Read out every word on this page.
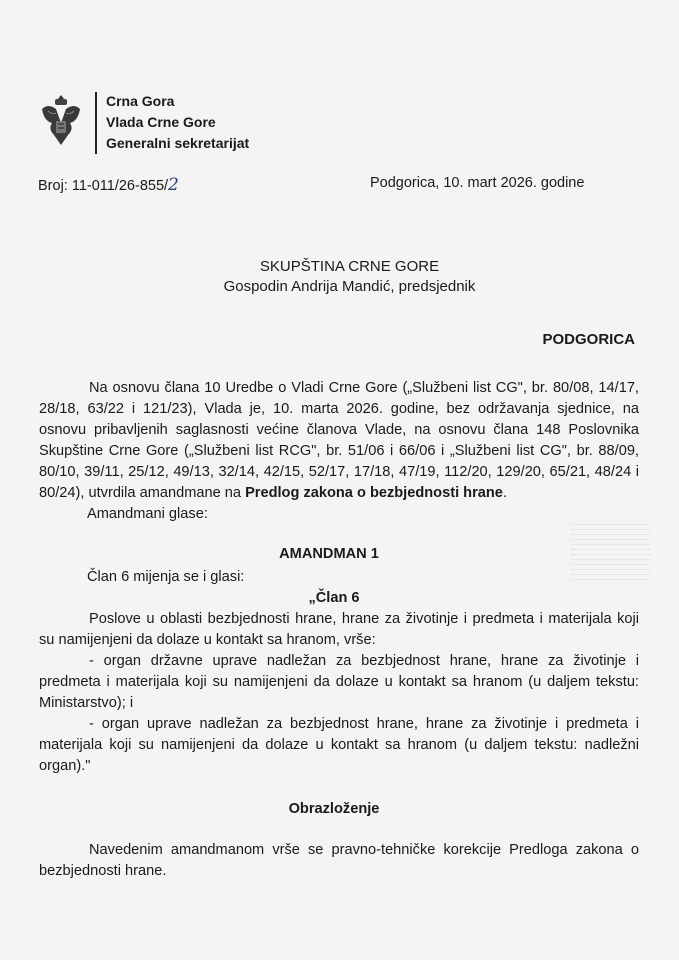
Crna Gora
Vlada Crne Gore
Generalni sekretarijat
Broj: 11-011/26-855/2	Podgorica, 10. mart 2026. godine
SKUPŠTINA CRNE GORE
Gospodin Andrija Mandić, predsjednik
PODGORICA

Na osnovu člana 10 Uredbe o Vladi Crne Gore („Službeni list CG", br. 80/08, 14/17, 28/18, 63/22 i 121/23), Vlada je, 10. marta 2026. godine, bez održavanja sjednice, na osnovu pribavljenih saglasnosti većine članova Vlade, na osnovu člana 148 Poslovnika Skupštine Crne Gore („Službeni list RCG", br. 51/06 i 66/06 i „Službeni list CG", br. 88/09, 80/10, 39/11, 25/12, 49/13, 32/14, 42/15, 52/17, 17/18, 47/19, 112/20, 129/20, 65/21, 48/24 i 80/24), utvrdila amandmane na Predlog zakona o bezbjednosti hrane.

Amandmani glase:

AMANDMAN 1

Član 6 mijenja se i glasi:

„Član 6

Poslovе u oblasti bezbjednosti hrane, hrane za životinje i predmeta i materijala koji su namijenjeni da dolaze u kontakt sa hranom, vrše:

- organ državne uprave nadležan za bezbjednost hrane, hrane za životinje i predmeta i materijala koji su namijenjeni da dolaze u kontakt sa hranom (u daljem tekstu: Ministarstvo); i

- organ uprave nadležan za bezbjednost hrane, hrane za životinje i predmeta i materijala koji su namijenjeni da dolaze u kontakt sa hranom (u daljem tekstu: nadležni organ)."

Obrazloženje

Navedenim amandmanom vrše se pravno-tehničke korekcije Predloga zakona o bezbjednosti hrane.
